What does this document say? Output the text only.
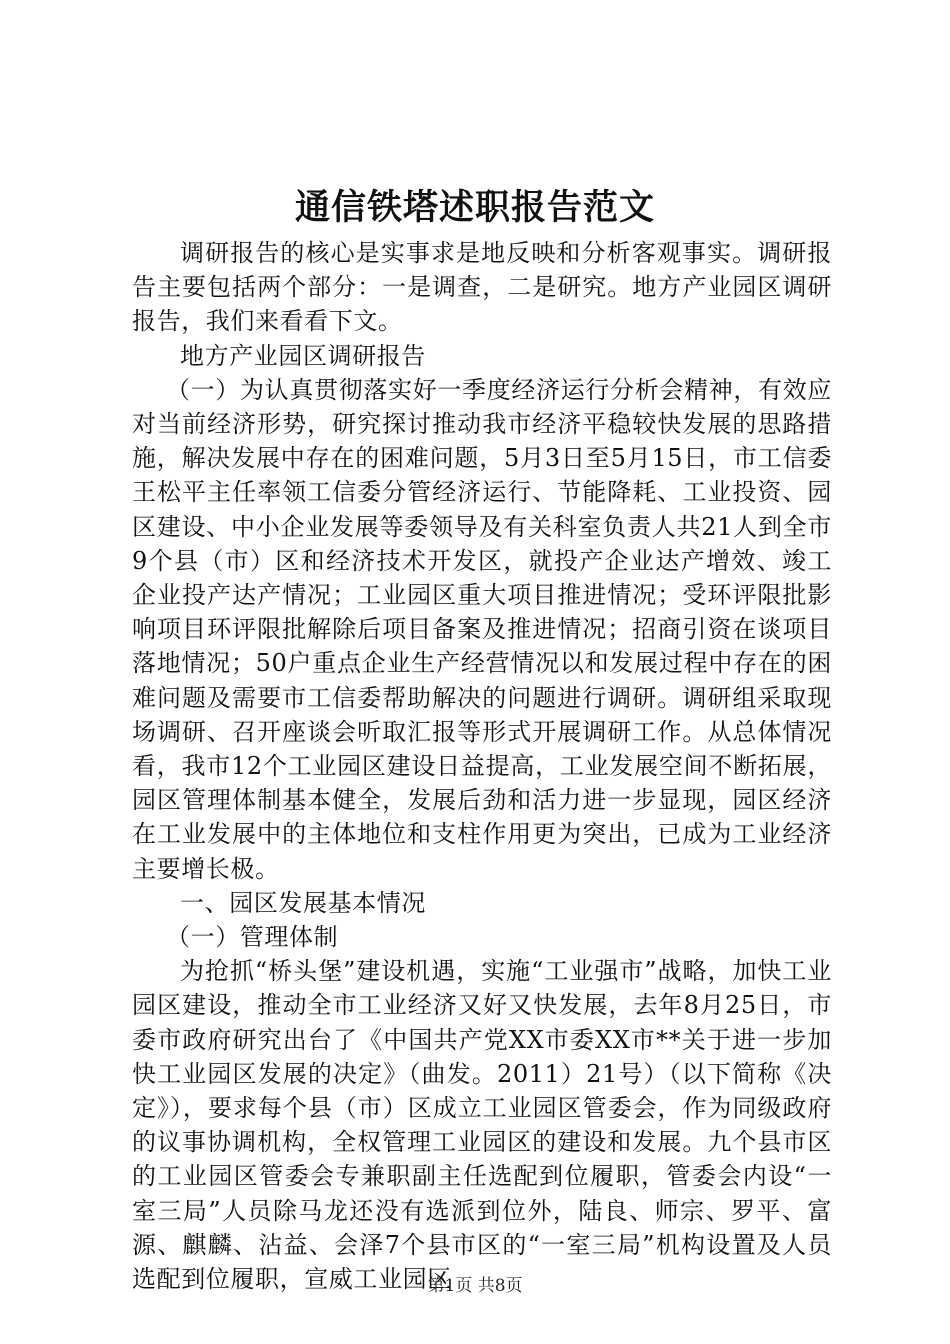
通信铁塔述职报告范文

调研报告的核心是实事求是地反映和分析客观事实。调研报告主要包括两个部分：一是调查，二是研究。地方产业园区调研报告，我们来看看下文。

地方产业园区调研报告

（一）为认真贯彻落实好一季度经济运行分析会精神，有效应对当前经济形势，研究探讨推动我市经济平稳较快发展的思路措施，解决发展中存在的困难问题，5月3日至5月15日，市工信委王松平主任率领工信委分管经济运行、节能降耗、工业投资、园区建设、中小企业发展等委领导及有关科室负责人共21人到全市9个县（市）区和经济技术开发区，就投产企业达产增效、竣工企业投产达产情况；工业园区重大项目推进情况；受环评限批影响项目环评限批解除后项目备案及推进情况；招商引资在谈项目落地情况；50户重点企业生产经营情况以和发展过程中存在的困难问题及需要市工信委帮助解决的问题进行调研。调研组采取现场调研、召开座谈会听取汇报等形式开展调研工作。从总体情况看，我市12个工业园区建设日益提高，工业发展空间不断拓展，园区管理体制基本健全，发展后劲和活力进一步显现，园区经济在工业发展中的主体地位和支柱作用更为突出，已成为工业经济主要增长极。

一、园区发展基本情况

（一）管理体制

为抢抓“桥头堡”建设机遇，实施“工业强市”战略，加快工业园区建设，推动全市工业经济又好又快发展，去年8月25日，市委市政府研究出台了《中国共产党XX市委XX市**关于进一步加快工业园区发展的决定》（曲发。2011）21号）（以下简称《决定》），要求每个县（市）区成立工业园区管委会，作为同级政府的议事协调机构，全权管理工业园区的建设和发展。九个县市区的工业园区管委会专兼职副主任选配到位履职，管委会内设“一室三局”人员除马龙还没有选派到位外，陆良、师宗、罗平、富源、麒麟、沾益、会泽7个县市区的“一室三局”机构设置及人员选配到位履职，宣威工业园区

第1页 共8页
